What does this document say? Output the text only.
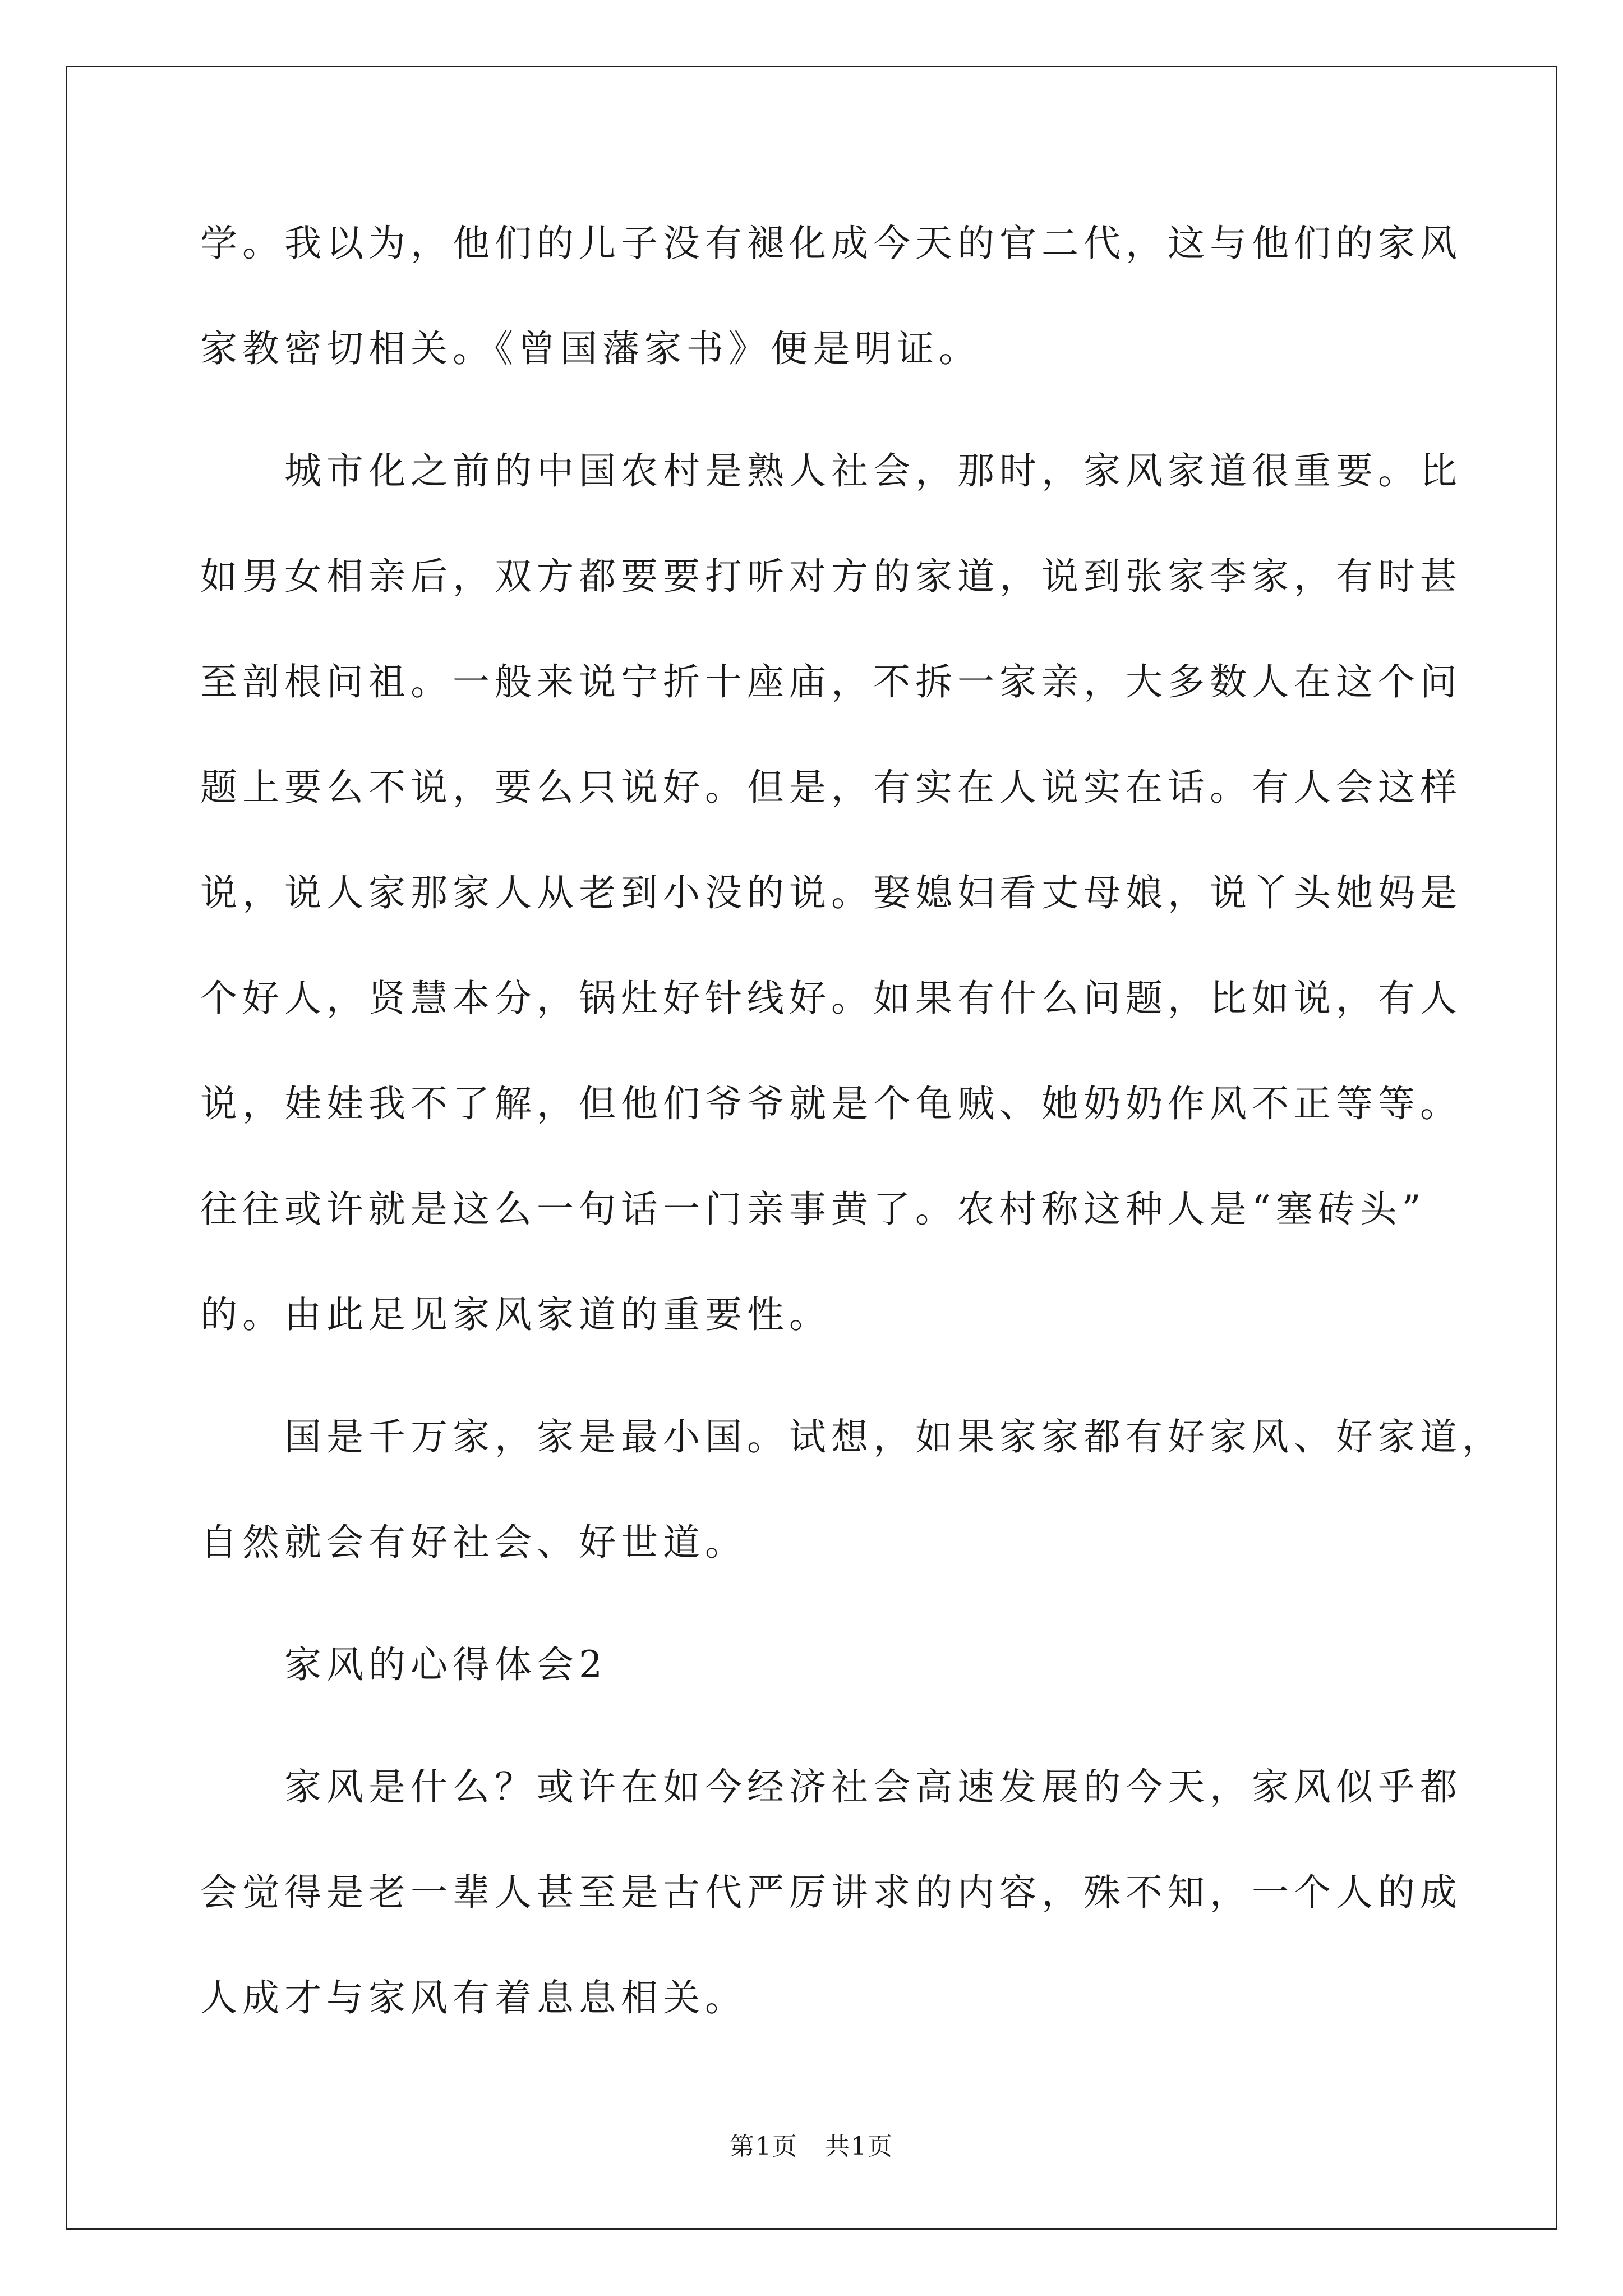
学。我以为，他们的儿子没有褪化成今天的官二代，这与他们的家风
家教密切相关。《曾国藩家书》便是明证。
城市化之前的中国农村是熟人社会，那时，家风家道很重要。比
如男女相亲后，双方都要要打听对方的家道，说到张家李家，有时甚
至剖根问祖。一般来说宁折十座庙，不拆一家亲，大多数人在这个问
题上要么不说，要么只说好。但是，有实在人说实在话。有人会这样
说，说人家那家人从老到小没的说。娶媳妇看丈母娘，说丫头她妈是
个好人，贤慧本分，锅灶好针线好。如果有什么问题，比如说，有人
说，娃娃我不了解，但他们爷爷就是个龟贼、她奶奶作风不正等等。
往往或许就是这么一句话一门亲事黄了。农村称这种人是“塞砖头”
的。由此足见家风家道的重要性。
国是千万家，家是最小国。试想，如果家家都有好家风、好家道，
自然就会有好社会、好世道。
家风的心得体会2
家风是什么？或许在如今经济社会高速发展的今天，家风似乎都
会觉得是老一辈人甚至是古代严厉讲求的内容，殊不知，一个人的成
人成才与家风有着息息相关。
第1页   共1页
